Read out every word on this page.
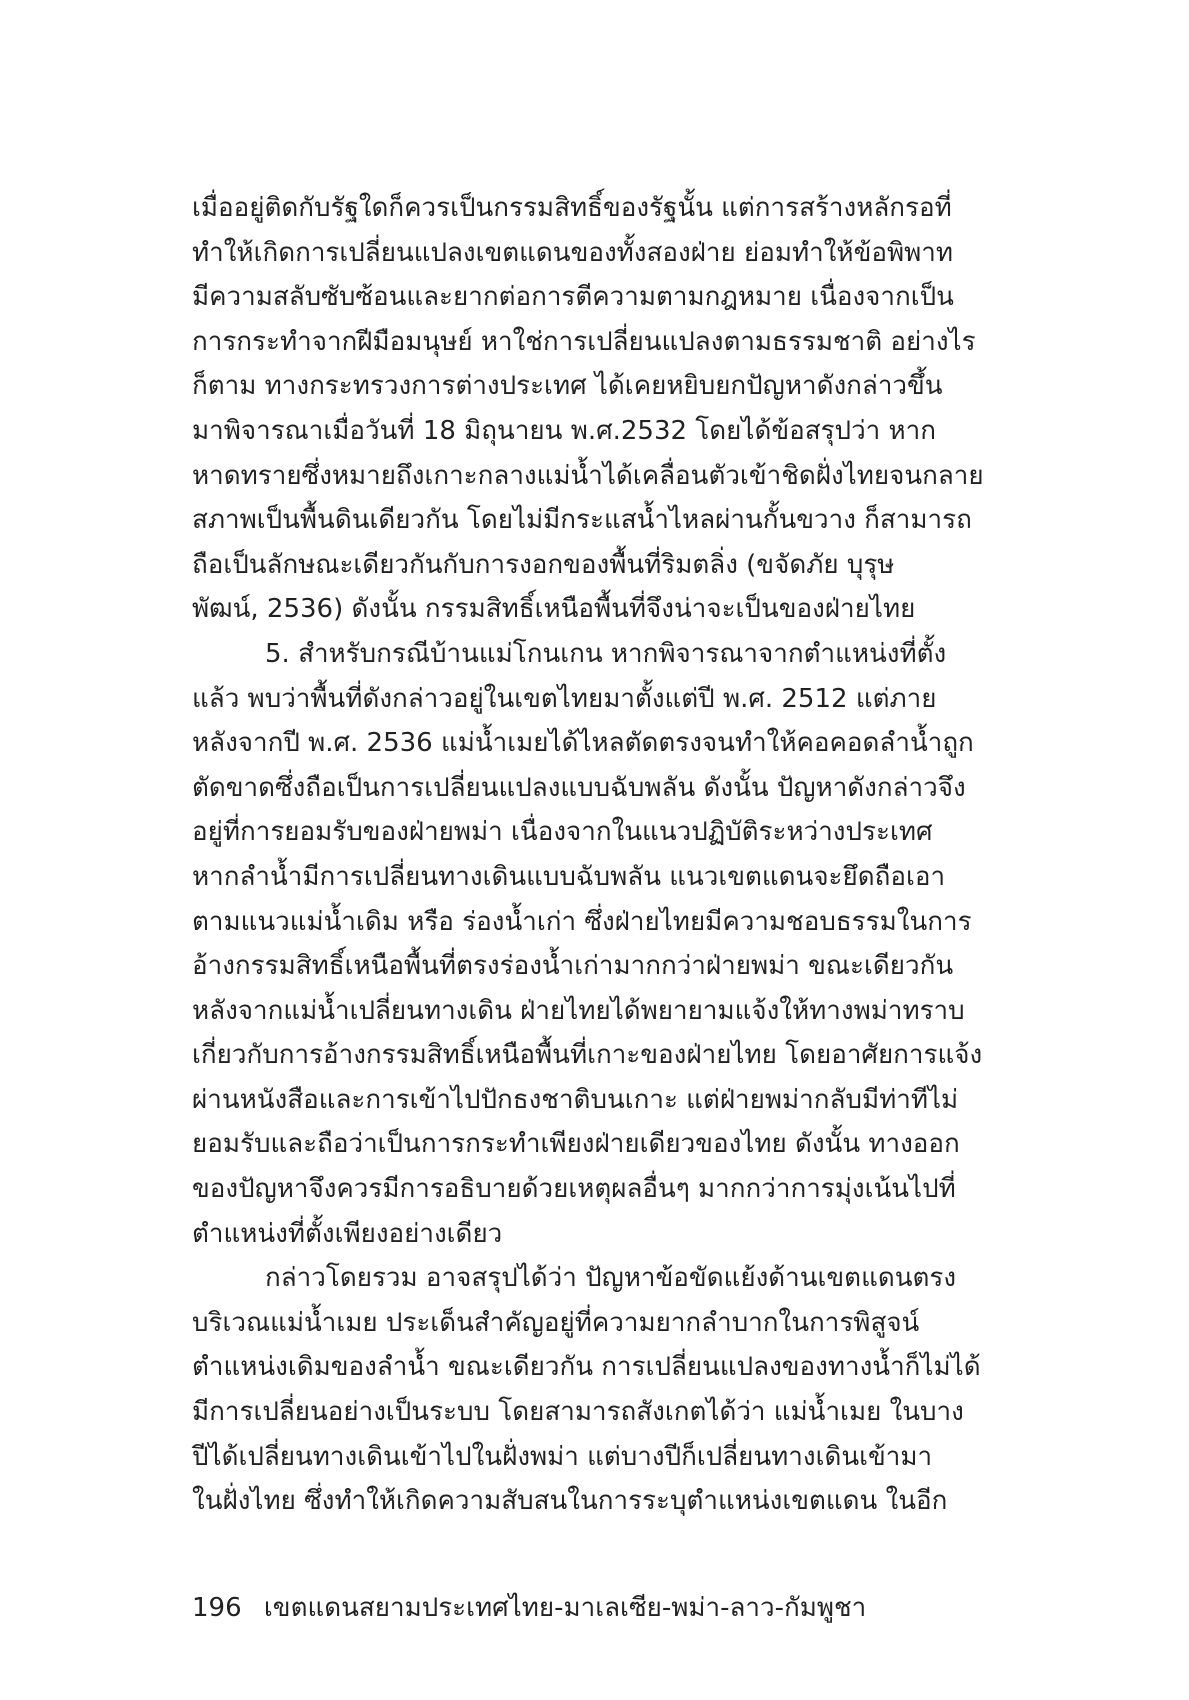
เมื่ออยู่ติดกับรัฐใดก็ควรเป็นกรรมสิทธิ์ของรัฐนั้น แต่การสร้างหลักรอที่
ทำให้เกิดการเปลี่ยนแปลงเขตแดนของทั้งสองฝ่าย ย่อมทำให้ข้อพิพาท
มีความสลับซับซ้อนและยากต่อการตีความตามกฎหมาย เนื่องจากเป็น
การกระทำจากฝีมือมนุษย์ หาใช่การเปลี่ยนแปลงตามธรรมชาติ อย่างไร
ก็ตาม ทางกระทรวงการต่างประเทศ ได้เคยหยิบยกปัญหาดังกล่าวขึ้น
มาพิจารณาเมื่อวันที่ 18 มิถุนายน พ.ศ.2532 โดยได้ข้อสรุปว่า หาก
หาดทรายซึ่งหมายถึงเกาะกลางแม่น้ำได้เคลื่อนตัวเข้าชิดฝั่งไทยจนกลาย
สภาพเป็นพื้นดินเดียวกัน โดยไม่มีกระแสน้ำไหลผ่านกั้นขวาง ก็สามารถ
ถือเป็นลักษณะเดียวกันกับการงอกของพื้นที่ริมตลิ่ง (ขจัดภัย บุรุษ
พัฒน์, 2536) ดังนั้น กรรมสิทธิ์เหนือพื้นที่จึงน่าจะเป็นของฝ่ายไทย
5. สำหรับกรณีบ้านแม่โกนเกน หากพิจารณาจากตำแหน่งที่ตั้ง
แล้ว พบว่าพื้นที่ดังกล่าวอยู่ในเขตไทยมาตั้งแต่ปี พ.ศ. 2512 แต่ภาย
หลังจากปี พ.ศ. 2536 แม่น้ำเมยได้ไหลตัดตรงจนทำให้คอคอดลำน้ำถูก
ตัดขาดซึ่งถือเป็นการเปลี่ยนแปลงแบบฉับพลัน ดังนั้น ปัญหาดังกล่าวจึง
อยู่ที่การยอมรับของฝ่ายพม่า เนื่องจากในแนวปฏิบัติระหว่างประเทศ
หากลำน้ำมีการเปลี่ยนทางเดินแบบฉับพลัน แนวเขตแดนจะยึดถือเอา
ตามแนวแม่น้ำเดิม หรือ ร่องน้ำเก่า ซึ่งฝ่ายไทยมีความชอบธรรมในการ
อ้างกรรมสิทธิ์เหนือพื้นที่ตรงร่องน้ำเก่ามากกว่าฝ่ายพม่า ขณะเดียวกัน
หลังจากแม่น้ำเปลี่ยนทางเดิน ฝ่ายไทยได้พยายามแจ้งให้ทางพม่าทราบ
เกี่ยวกับการอ้างกรรมสิทธิ์เหนือพื้นที่เกาะของฝ่ายไทย โดยอาศัยการแจ้ง
ผ่านหนังสือและการเข้าไปปักธงชาติบนเกาะ แต่ฝ่ายพม่ากลับมีท่าทีไม่
ยอมรับและถือว่าเป็นการกระทำเพียงฝ่ายเดียวของไทย ดังนั้น ทางออก
ของปัญหาจึงควรมีการอธิบายด้วยเหตุผลอื่นๆ มากกว่าการมุ่งเน้นไปที่
ตำแหน่งที่ตั้งเพียงอย่างเดียว
กล่าวโดยรวม อาจสรุปได้ว่า ปัญหาข้อขัดแย้งด้านเขตแดนตรง
บริเวณแม่น้ำเมย ประเด็นสำคัญอยู่ที่ความยากลำบากในการพิสูจน์
ตำแหน่งเดิมของลำน้ำ ขณะเดียวกัน การเปลี่ยนแปลงของทางน้ำก็ไม่ได้
มีการเปลี่ยนอย่างเป็นระบบ โดยสามารถสังเกตได้ว่า แม่น้ำเมย ในบาง
ปีได้เปลี่ยนทางเดินเข้าไปในฝั่งพม่า แต่บางปีก็เปลี่ยนทางเดินเข้ามา
ในฝั่งไทย ซึ่งทำให้เกิดความสับสนในการระบุตำแหน่งเขตแดน ในอีก
196 เขตแดนสยามประเทศไทย-มาเลเซีย-พม่า-ลาว-กัมพูชา
